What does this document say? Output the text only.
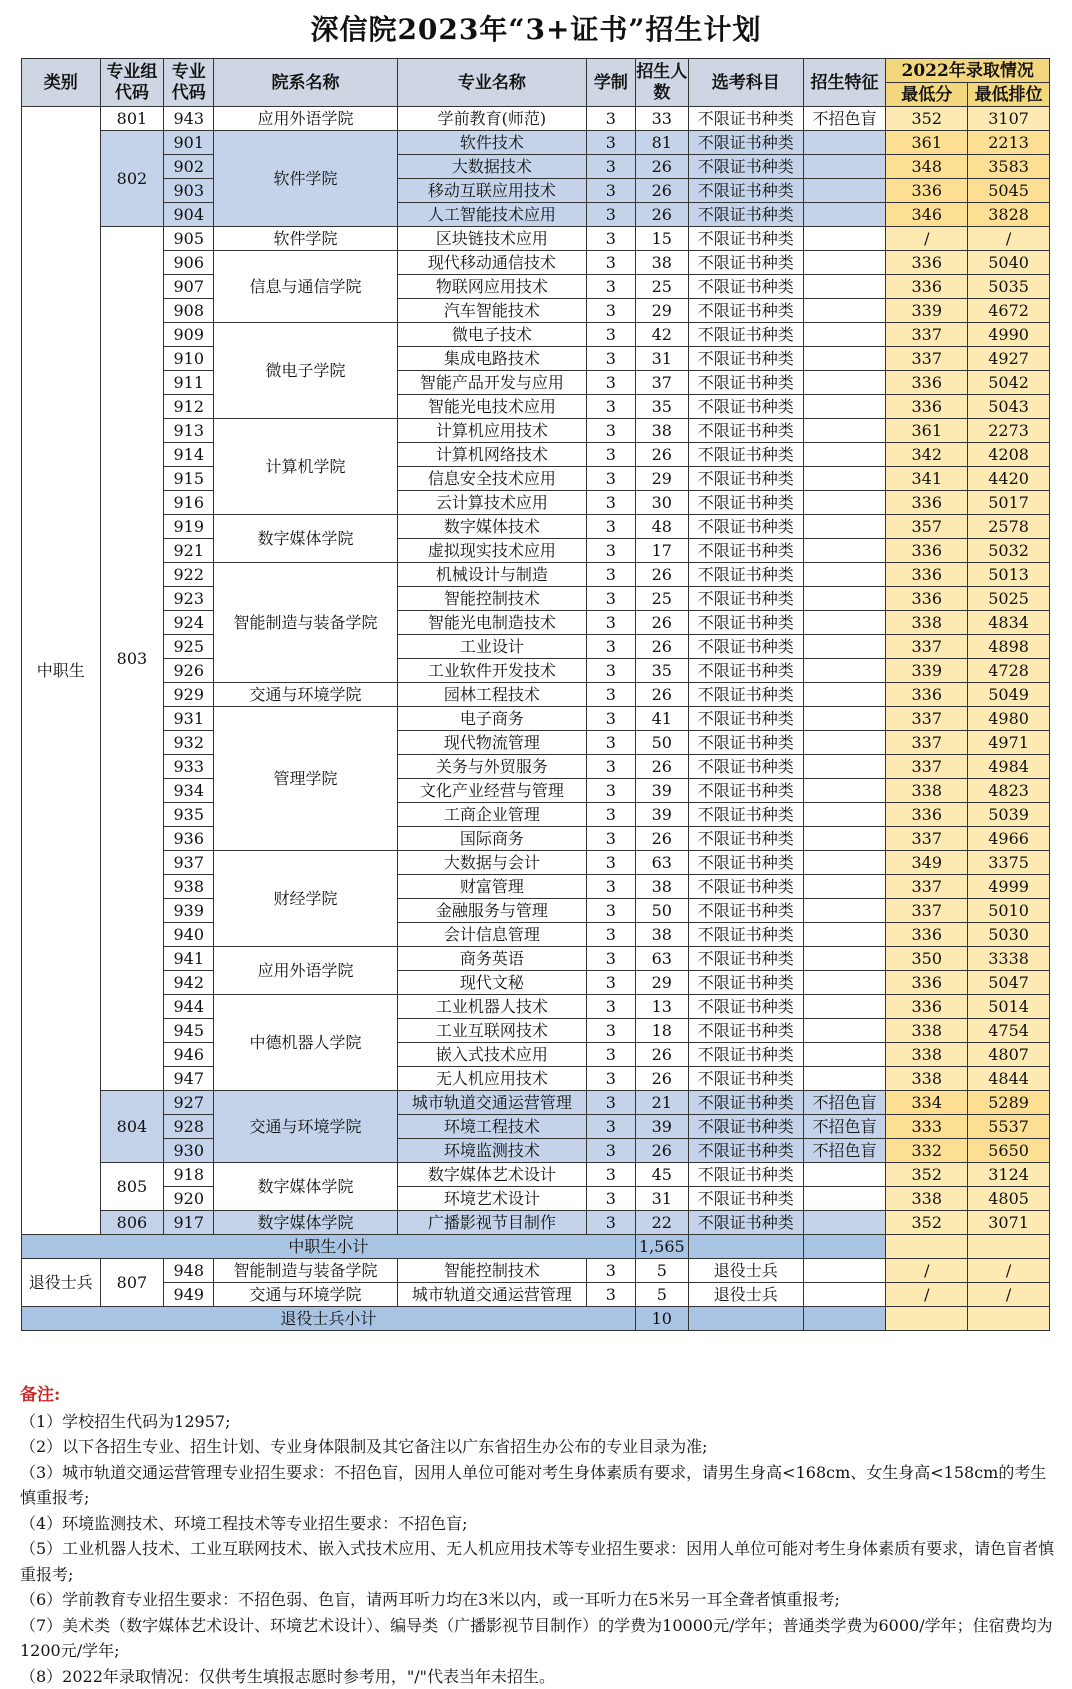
深信院2023年“3+证书”招生计划
类别	专业组代码	专业代码	院系名称	专业名称	学制	招生人数	选考科目	招生特征	2022年录取情况	
									最低分	最低排位
中职生	801	943	应用外语学院	学前教育(师范)	3	33	不限证书种类	不招色盲	352	3107
	802	901	软件学院	软件技术	3	81	不限证书种类		361	2213
		902		大数据技术	3	26	不限证书种类		348	3583
		903		移动互联应用技术	3	26	不限证书种类		336	5045
		904		人工智能技术应用	3	26	不限证书种类		346	3828
	803	905	软件学院	区块链技术应用	3	15	不限证书种类		/	/
		906	信息与通信学院	现代移动通信技术	3	38	不限证书种类		336	5040
		907		物联网应用技术	3	25	不限证书种类		336	5035
		908		汽车智能技术	3	29	不限证书种类		339	4672
		909	微电子学院	微电子技术	3	42	不限证书种类		337	4990
		910		集成电路技术	3	31	不限证书种类		337	4927
		911		智能产品开发与应用	3	37	不限证书种类		336	5042
		912		智能光电技术应用	3	35	不限证书种类		336	5043
		913	计算机学院	计算机应用技术	3	38	不限证书种类		361	2273
		914		计算机网络技术	3	26	不限证书种类		342	4208
		915		信息安全技术应用	3	29	不限证书种类		341	4420
		916		云计算技术应用	3	30	不限证书种类		336	5017
		919	数字媒体学院	数字媒体技术	3	48	不限证书种类		357	2578
		921		虚拟现实技术应用	3	17	不限证书种类		336	5032
		922	智能制造与装备学院	机械设计与制造	3	26	不限证书种类		336	5013
		923		智能控制技术	3	25	不限证书种类		336	5025
		924		智能光电制造技术	3	26	不限证书种类		338	4834
		925		工业设计	3	26	不限证书种类		337	4898
		926		工业软件开发技术	3	35	不限证书种类		339	4728
		929	交通与环境学院	园林工程技术	3	26	不限证书种类		336	5049
		931	管理学院	电子商务	3	41	不限证书种类		337	4980
		932		现代物流管理	3	50	不限证书种类		337	4971
		933		关务与外贸服务	3	26	不限证书种类		337	4984
		934		文化产业经营与管理	3	39	不限证书种类		338	4823
		935		工商企业管理	3	39	不限证书种类		336	5039
		936		国际商务	3	26	不限证书种类		337	4966
		937	财经学院	大数据与会计	3	63	不限证书种类		349	3375
		938		财富管理	3	38	不限证书种类		337	4999
		939		金融服务与管理	3	50	不限证书种类		337	5010
		940		会计信息管理	3	38	不限证书种类		336	5030
		941	应用外语学院	商务英语	3	63	不限证书种类		350	3338
		942		现代文秘	3	29	不限证书种类		336	5047
		944	中德机器人学院	工业机器人技术	3	13	不限证书种类		336	5014
		945		工业互联网技术	3	18	不限证书种类		338	4754
		946		嵌入式技术应用	3	26	不限证书种类		338	4807
		947		无人机应用技术	3	26	不限证书种类		338	4844
	804	927	交通与环境学院	城市轨道交通运营管理	3	21	不限证书种类	不招色盲	334	5289
		928		环境工程技术	3	39	不限证书种类	不招色盲	333	5537
		930		环境监测技术	3	26	不限证书种类	不招色盲	332	5650
	805	918	数字媒体学院	数字媒体艺术设计	3	45	不限证书种类		352	3124
		920		环境艺术设计	3	31	不限证书种类		338	4805
	806	917	数字媒体学院	广播影视节目制作	3	22	不限证书种类		352	3071
中职生小计						1,565				
退役士兵	807	948	智能制造与装备学院	智能控制技术	3	5	退役士兵		/	/
		949	交通与环境学院	城市轨道交通运营管理	3	5	退役士兵		/	/
退役士兵小计						10				
备注:
（1）学校招生代码为12957;
（2）以下各招生专业、招生计划、专业身体限制及其它备注以广东省招生办公布的专业目录为准;
（3）城市轨道交通运营管理专业招生要求：不招色盲，因用人单位可能对考生身体素质有要求，请男生身高<168cm、女生身高<158cm的考生慎重报考;
（4）环境监测技术、环境工程技术等专业招生要求：不招色盲;
（5）工业机器人技术、工业互联网技术、嵌入式技术应用、无人机应用技术等专业招生要求：因用人单位可能对考生身体素质有要求，请色盲者慎重报考;
（6）学前教育专业招生要求：不招色弱、色盲，请两耳听力均在3米以内，或一耳听力在5米另一耳全聋者慎重报考;
（7）美术类（数字媒体艺术设计、环境艺术设计）、编导类（广播影视节目制作）的学费为10000元/学年；普通类学费为6000/学年；住宿费均为1200元/学年;
（8）2022年录取情况：仅供考生填报志愿时参考用，"/"代表当年未招生。
